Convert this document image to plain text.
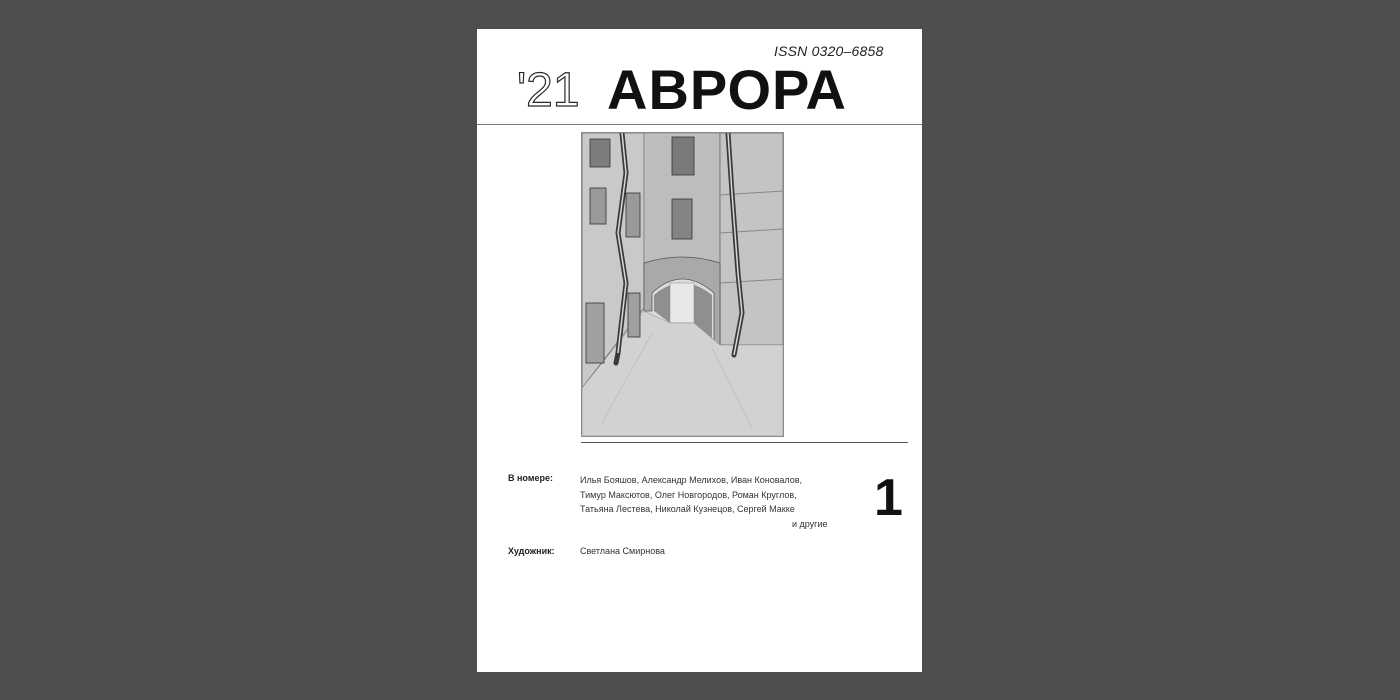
ISSN 0320–6858
'21 АВРОРА
В номере:	Илья Бояшов, Александр Мелихов, Иван Коновалов,
Тимур Максютов, Олег Новгородов, Роман Круглов,
Татьяна Лестева, Николай Кузнецов, Сергей Макке
и другие 1
Художник:	Светлана Смирнова
